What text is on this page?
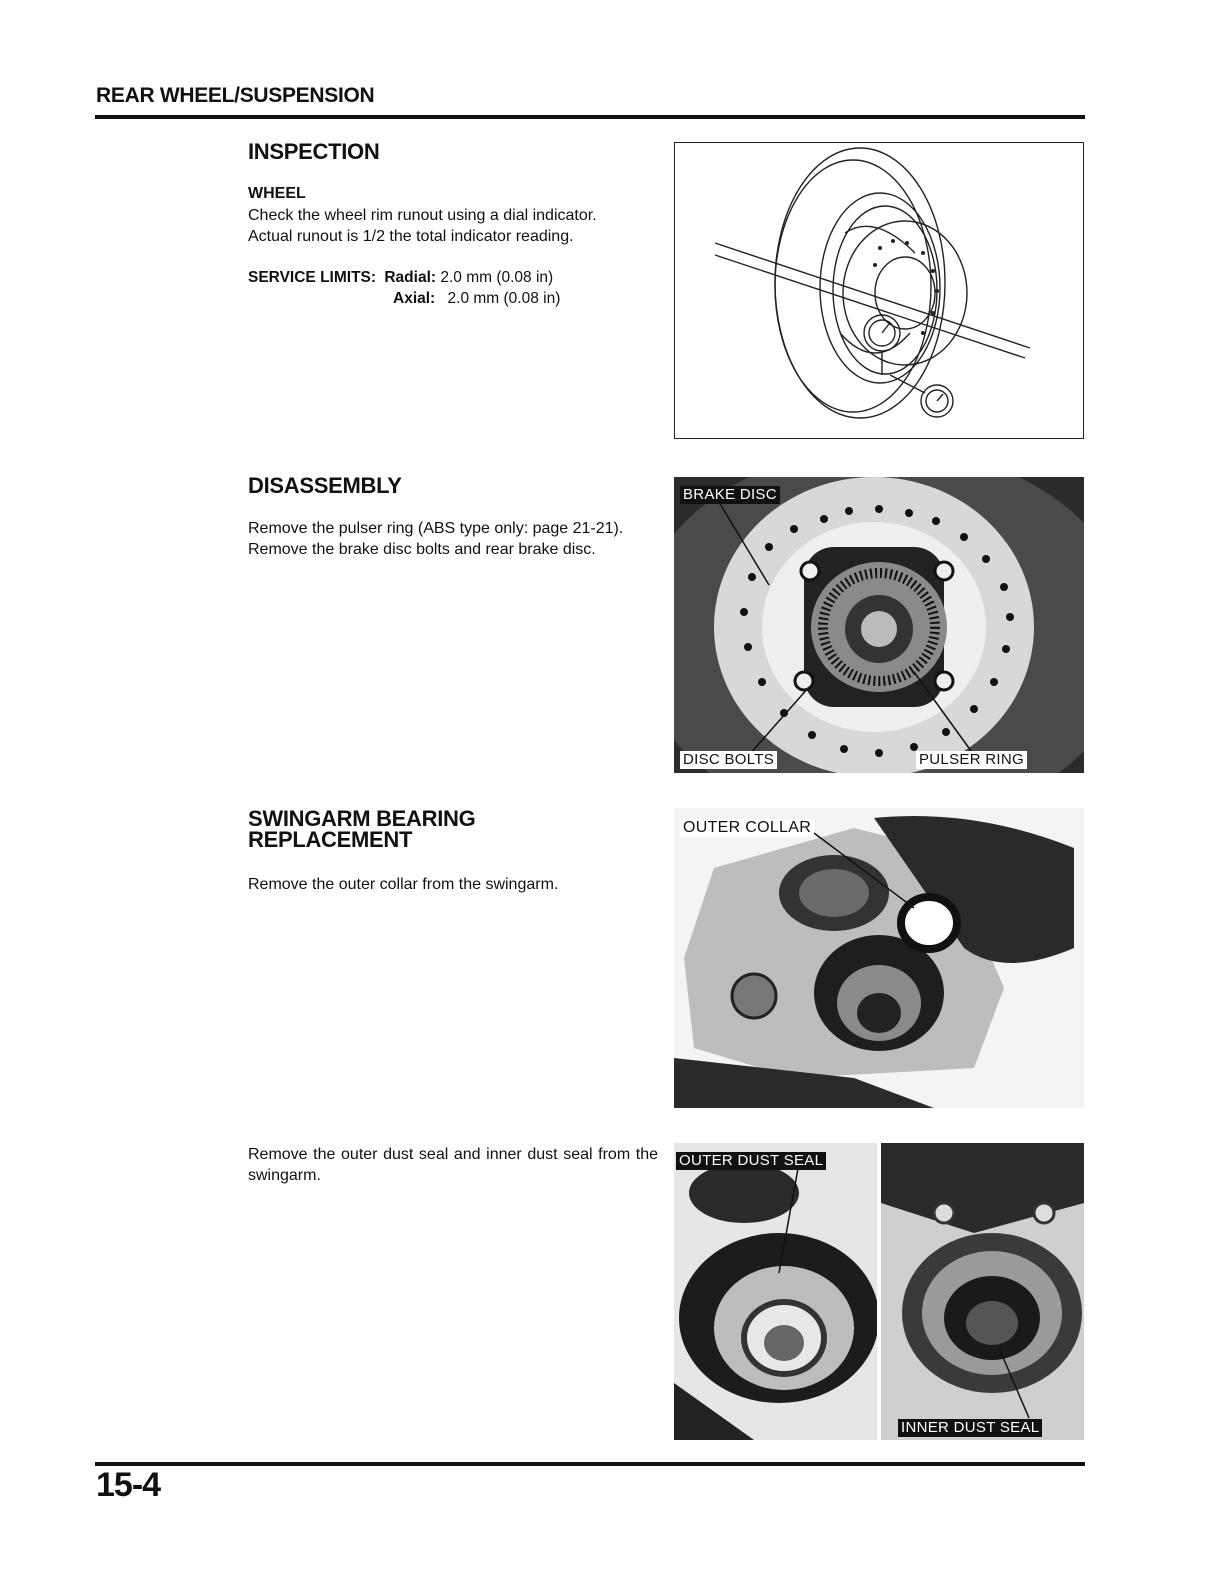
REAR WHEEL/SUSPENSION
INSPECTION
WHEEL
Check the wheel rim runout using a dial indicator.
Actual runout is 1/2 the total indicator reading.
SERVICE LIMITS: Radial: 2.0 mm (0.08 in)
Axial: 2.0 mm (0.08 in)
DISASSEMBLY
Remove the pulser ring (ABS type only: page 21-21).
Remove the brake disc bolts and rear brake disc.
BRAKE DISC
DISC BOLTS	PULSER RING
SWINGARM BEARING
REPLACEMENT
Remove the outer collar from the swingarm.
OUTER COLLAR
Remove the outer dust seal and inner dust seal from the swingarm.
OUTER DUST SEAL
INNER DUST SEAL
15-4
